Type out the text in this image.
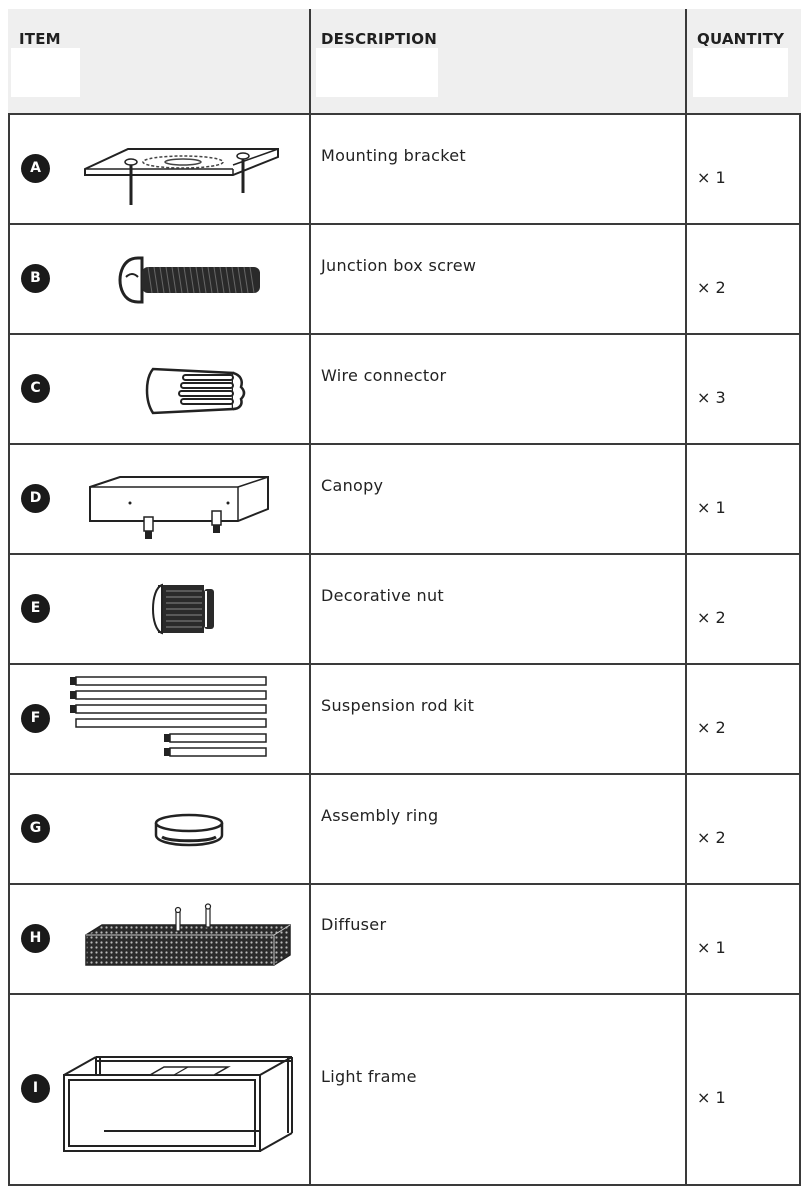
ITEM	DESCRIPTION	QUANTITY
A
Mounting bracket
× 1
B
Junction box screw
× 2
C
Wire connector
× 3
D
Canopy
× 1
E
Decorative nut
× 2
F
Suspension rod kit
× 2
G
Assembly ring
× 2
H
Diffuser
× 1
I
Light frame
× 1
